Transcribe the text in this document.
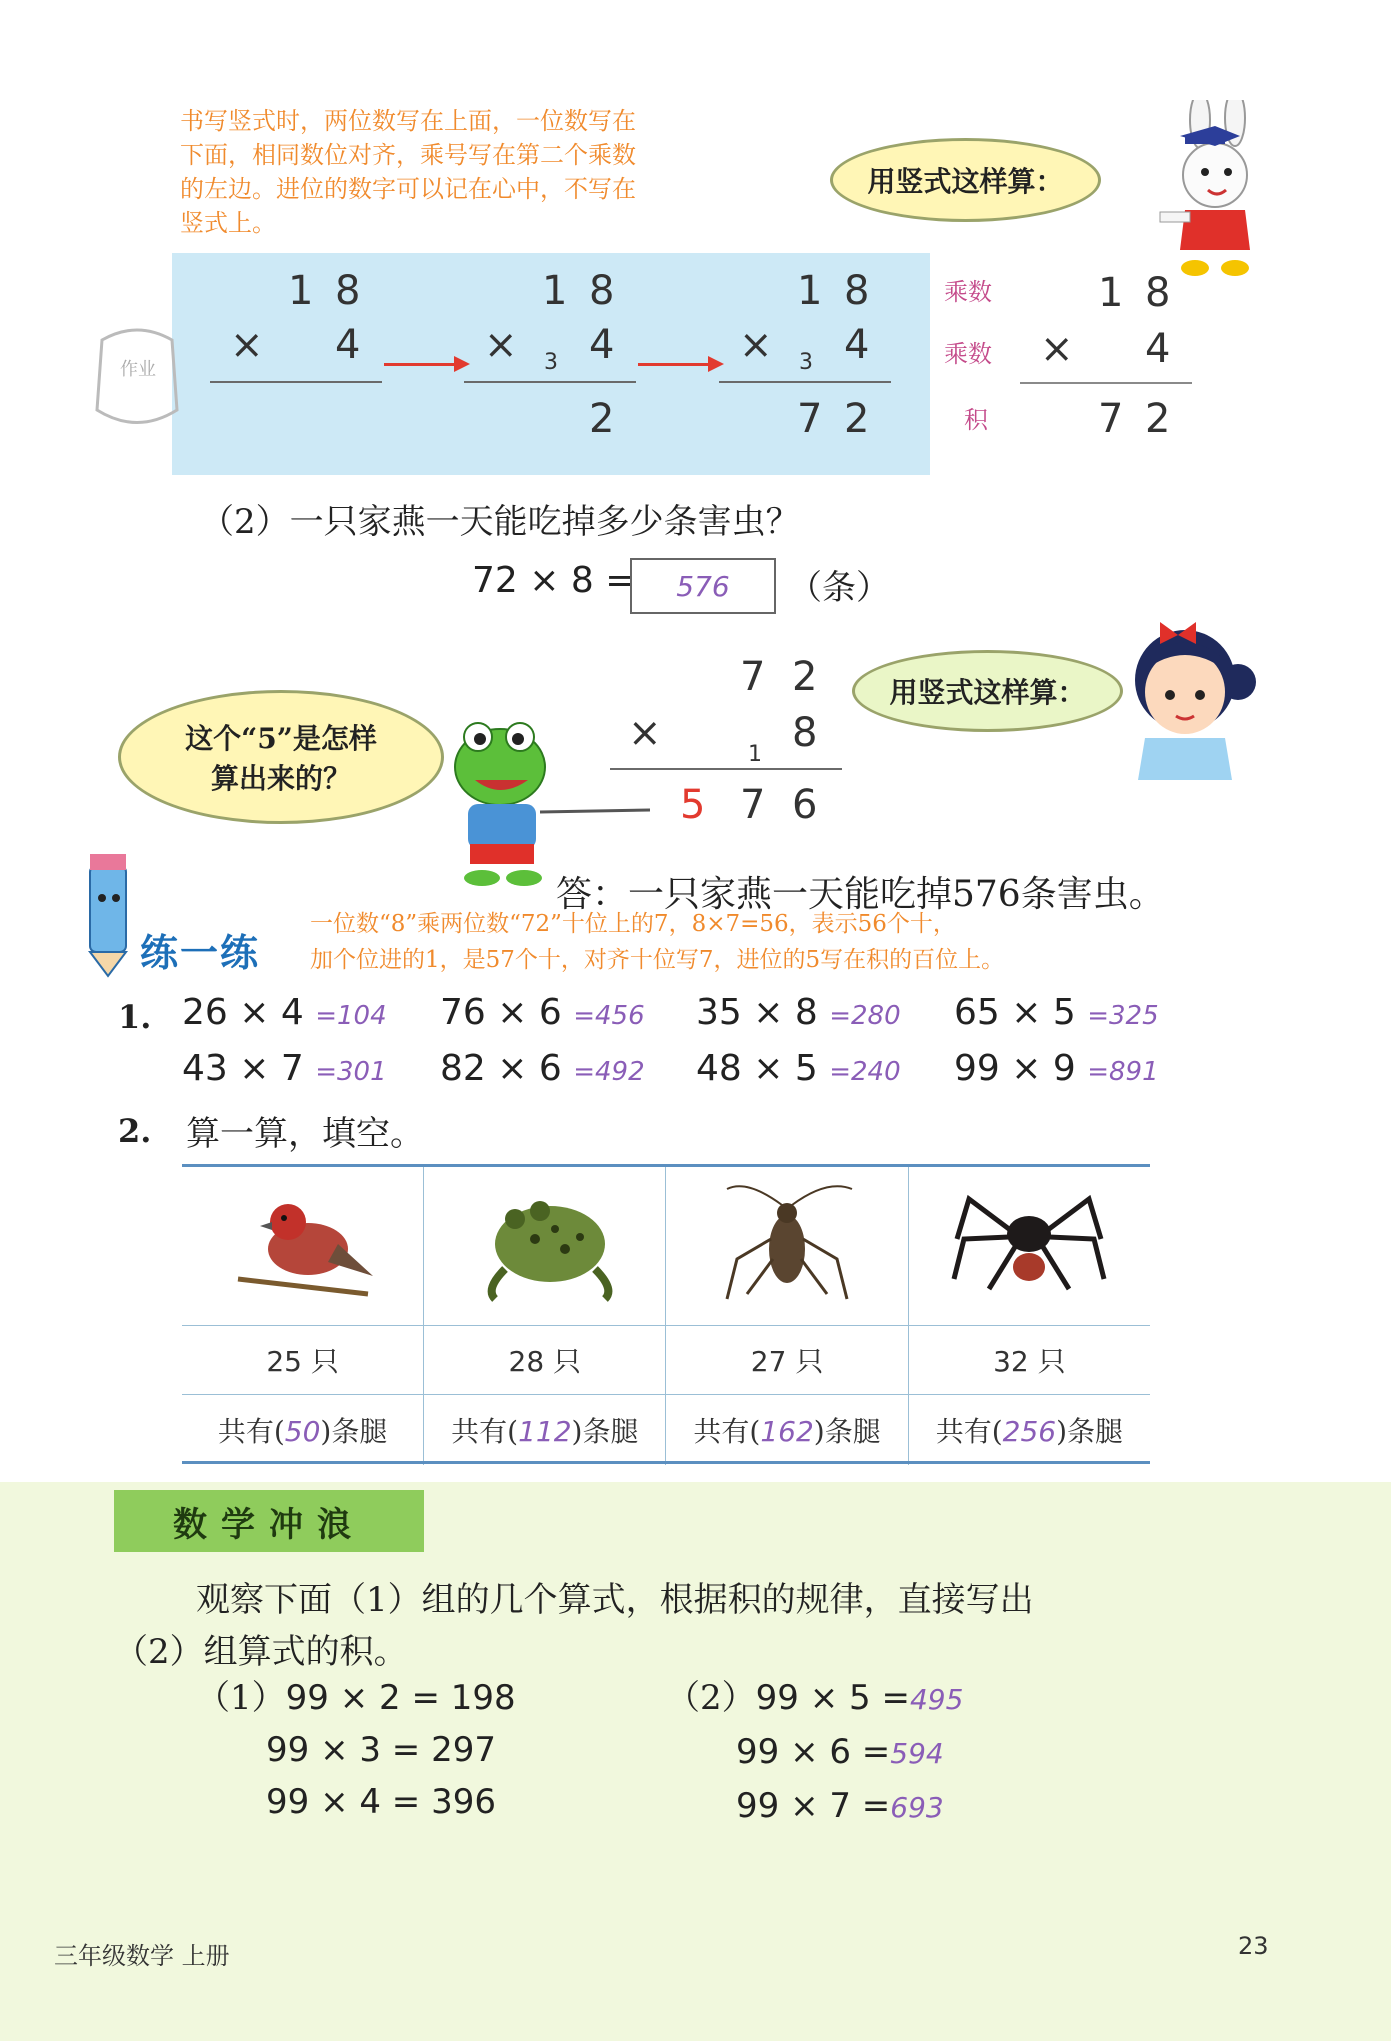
书写竖式时，两位数写在上面，一位数写在
下面，相同数位对齐，乘号写在第二个乘数
的左边。进位的数字可以记在心中，不写在
竖式上。
用竖式这样算：
作业
1 8
× 4
1 8
× 3 4
2
1 8
× 3 4
7 2
乘数
乘数
积
1 8
× 4
7 2
（2）一只家燕一天能吃掉多少条害虫？
72 × 8 = 576 （条）
7 2
×	1 8
5 7 6
用竖式这样算：
这个“5”是怎样
算出来的？
答：一只家燕一天能吃掉576条害虫。
练一练
一位数“8”乘两位数“72”十位上的7，8×7=56，表示56个十，
加个位进的1，是57个十，对齐十位写7，进位的5写在积的百位上。
1. 26 × 4 =104	76 × 6 =456	35 × 8 =280	65 × 5 =325
43 × 7 =301	82 × 6 =492	48 × 5 =240	99 × 9 =891
2. 算一算，填空。

25 只	28 只	27 只	32 只
共有(50)条腿	共有(112)条腿	共有(162)条腿	共有(256)条腿
数学冲浪
观察下面（1）组的几个算式，根据积的规律，直接写出
（2）组算式的积。
（1）99 × 2 = 198
99 × 3 = 297
99 × 4 = 396
（2）99 × 5 =495
99 × 6 =594
99 × 7 =693
三年级数学 上册	23
